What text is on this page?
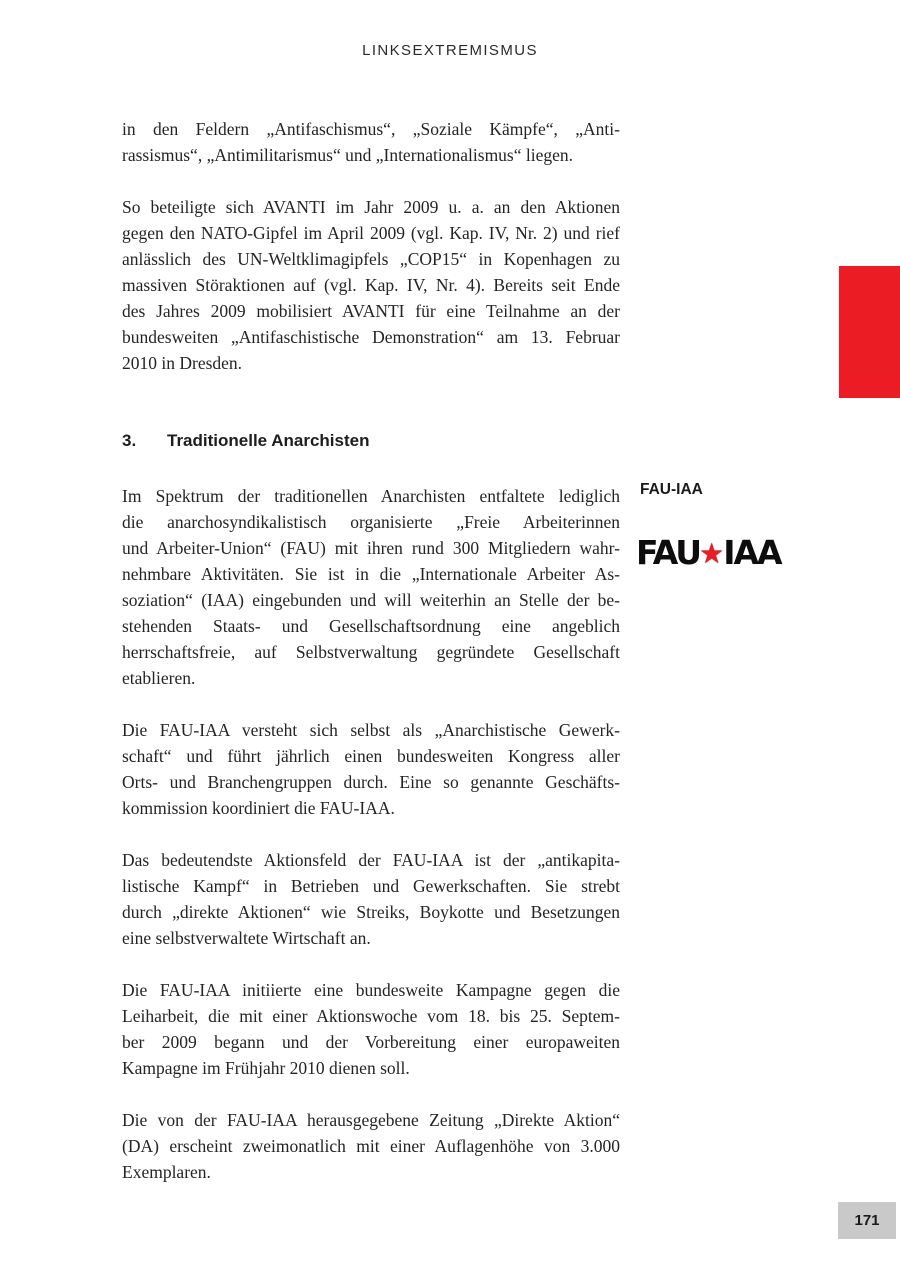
LINKSEXTREMISMUS
in den Feldern „Antifaschismus“, „Soziale Kämpfe“, „Anti-
rassismus“, „Antimilitarismus“ und „Internationalismus“ liegen.
So beteiligte sich AVANTI im Jahr 2009 u. a. an den Aktionen
gegen den NATO-Gipfel im April 2009 (vgl. Kap. IV, Nr. 2) und rief
anlässlich des UN-Weltklimagipfels „COP15“ in Kopenhagen zu
massiven Störaktionen auf (vgl. Kap. IV, Nr. 4). Bereits seit Ende
des Jahres 2009 mobilisiert AVANTI für eine Teilnahme an der
bundesweiten „Antifaschistische Demonstration“ am 13. Februar
2010 in Dresden.
3. Traditionelle Anarchisten
Im Spektrum der traditionellen Anarchisten entfaltete lediglich
die anarchosyndikalistisch organisierte „Freie Arbeiterinnen
und Arbeiter-Union“ (FAU) mit ihren rund 300 Mitgliedern wahr-
nehmbare Aktivitäten. Sie ist in die „Internationale Arbeiter As-
soziation“ (IAA) eingebunden und will weiterhin an Stelle der be-
stehenden Staats- und Gesellschaftsordnung eine angeblich
herrschaftsfreie, auf Selbstverwaltung gegründete Gesellschaft
etablieren.
Die FAU-IAA versteht sich selbst als „Anarchistische Gewerk-
schaft“ und führt jährlich einen bundesweiten Kongress aller
Orts- und Branchengruppen durch. Eine so genannte Geschäfts-
kommission koordiniert die FAU-IAA.
Das bedeutendste Aktionsfeld der FAU-IAA ist der „antikapita-
listische Kampf“ in Betrieben und Gewerkschaften. Sie strebt
durch „direkte Aktionen“ wie Streiks, Boykotte und Besetzungen
eine selbstverwaltete Wirtschaft an.
Die FAU-IAA initiierte eine bundesweite Kampagne gegen die
Leiharbeit, die mit einer Aktionswoche vom 18. bis 25. Septem-
ber 2009 begann und der Vorbereitung einer europaweiten
Kampagne im Frühjahr 2010 dienen soll.
Die von der FAU-IAA herausgegebene Zeitung „Direkte Aktion“
(DA) erscheint zweimonatlich mit einer Auflagenhöhe von 3.000
Exemplaren.
FAU-IAA
FAU ★ IAA
171
